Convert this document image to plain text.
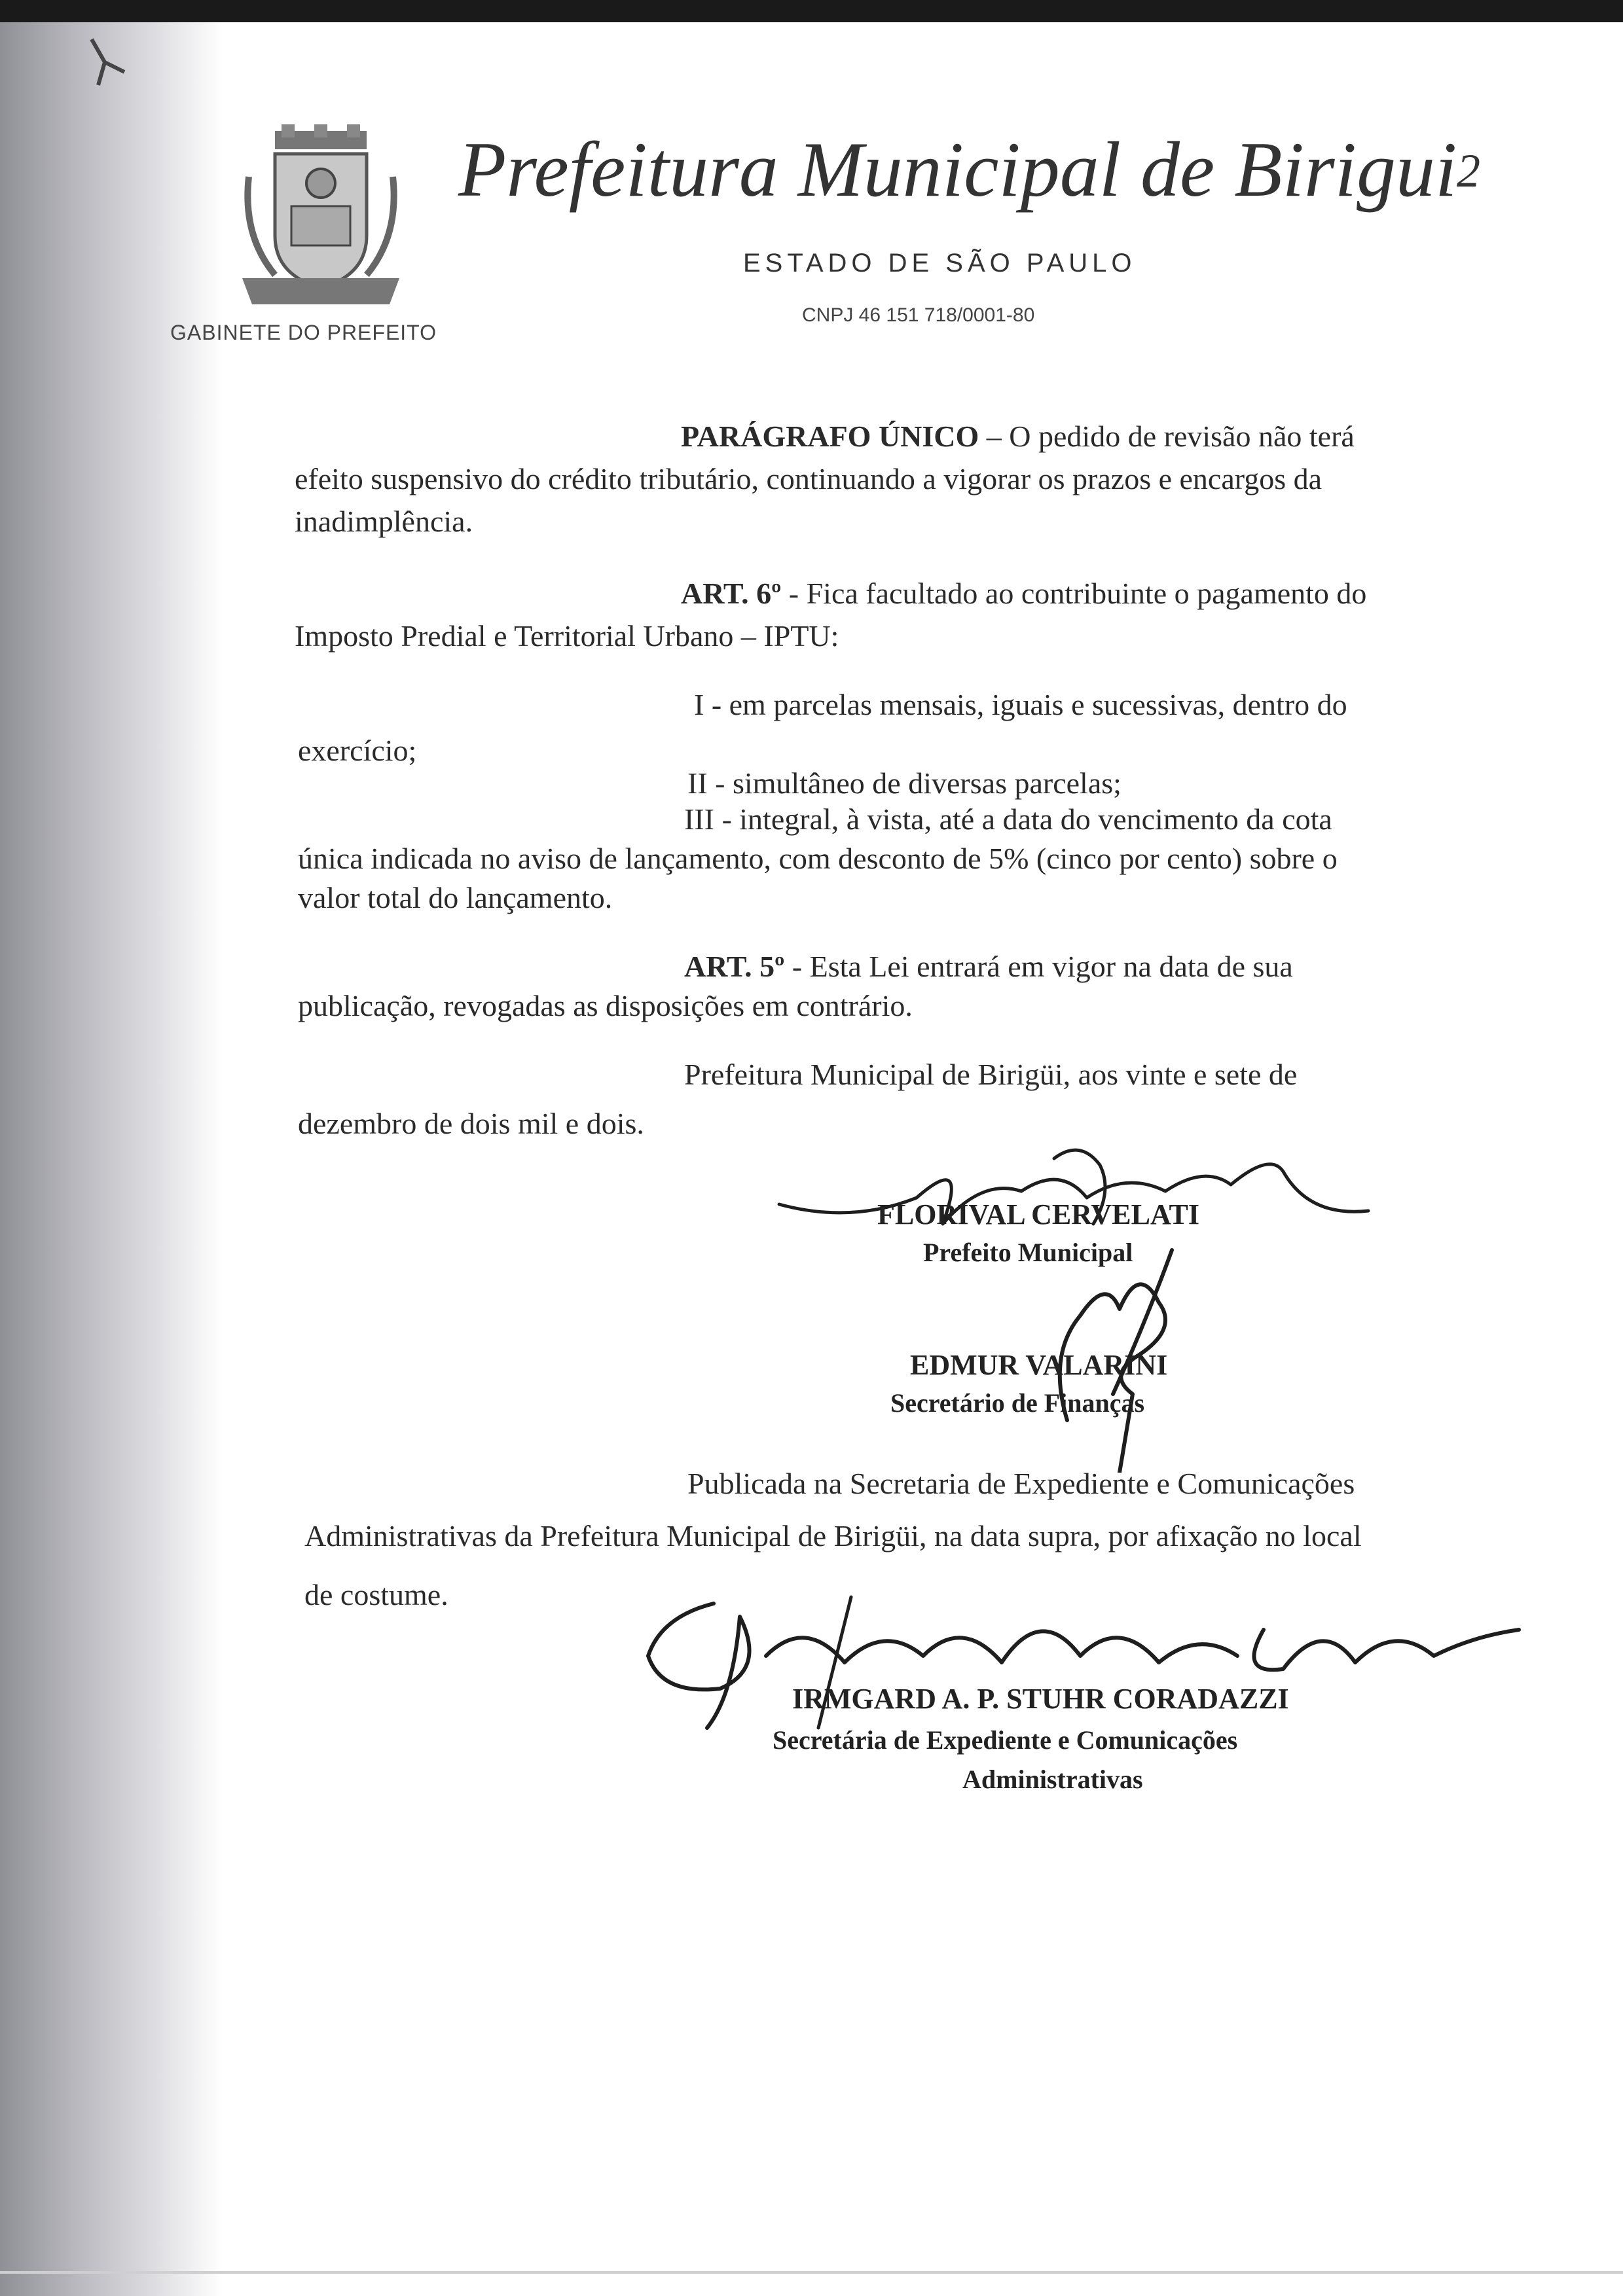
GABINETE DO PREFEITO
Prefeitura Municipal de Birigui 2
ESTADO DE SÃO PAULO
CNPJ 46 151 718/0001-80
PARÁGRAFO ÚNICO – O pedido de revisão não terá
efeito suspensivo do crédito tributário, continuando a vigorar os prazos e encargos da
inadimplência.
ART. 6º - Fica facultado ao contribuinte o pagamento do
Imposto Predial e Territorial Urbano – IPTU:
I - em parcelas mensais, iguais e sucessivas, dentro do
exercício;
II - simultâneo de diversas parcelas;
III - integral, à vista, até a data do vencimento da cota
única indicada no aviso de lançamento, com desconto de 5% (cinco por cento) sobre o
valor total do lançamento.
ART. 5º - Esta Lei entrará em vigor na data de sua
publicação, revogadas as disposições em contrário.
Prefeitura Municipal de Birigüi, aos vinte e sete de
dezembro de dois mil e dois.
FLORIVAL CERVELATI
Prefeito Municipal
EDMUR VALARINI
Secretário de Finanças
Publicada na Secretaria de Expediente e Comunicações
Administrativas da Prefeitura Municipal de Birigüi, na data supra, por afixação no local
de costume.
IRMGARD A. P. STUHR CORADAZZI
Secretária de Expediente e Comunicações
Administrativas
